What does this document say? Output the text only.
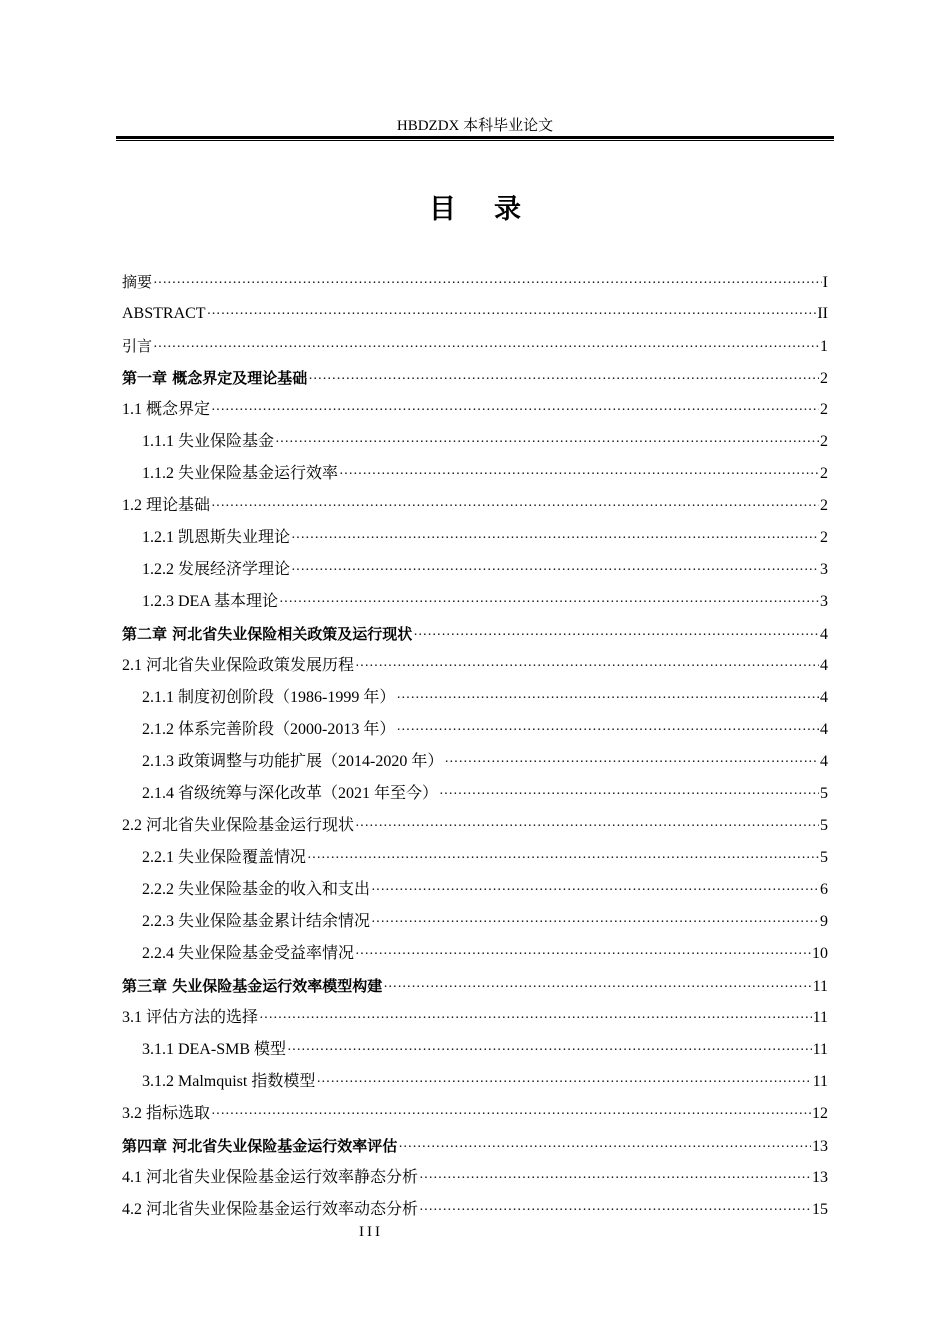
HBDZDX 本科毕业论文
目 录
摘要 ·····	I
ABSTRACT ·····	II
引言 ·····	1
第一章 概念界定及理论基础 ·····	2
1.1 概念界定 ·····	2
1.1.1 失业保险基金 ·····	2
1.1.2 失业保险基金运行效率 ·····	2
1.2 理论基础 ·····	2
1.2.1 凯恩斯失业理论 ·····	2
1.2.2 发展经济学理论 ·····	3
1.2.3 DEA 基本理论 ·····	3
第二章 河北省失业保险相关政策及运行现状 ·····	4
2.1 河北省失业保险政策发展历程 ·····	4
2.1.1 制度初创阶段（1986-1999 年） ·····	4
2.1.2 体系完善阶段（2000-2013 年） ·····	4
2.1.3 政策调整与功能扩展（2014-2020 年） ·····	4
2.1.4 省级统筹与深化改革（2021 年至今） ·····	5
2.2 河北省失业保险基金运行现状 ·····	5
2.2.1 失业保险覆盖情况 ·····	5
2.2.2 失业保险基金的收入和支出 ·····	6
2.2.3 失业保险基金累计结余情况 ·····	9
2.2.4 失业保险基金受益率情况 ·····	10
第三章 失业保险基金运行效率模型构建 ·····	11
3.1 评估方法的选择 ·····	11
3.1.1 DEA-SMB 模型 ·····	11
3.1.2 Malmquist 指数模型 ·····	11
3.2 指标选取 ·····	12
第四章 河北省失业保险基金运行效率评估 ·····	13
4.1 河北省失业保险基金运行效率静态分析 ·····	13
4.2 河北省失业保险基金运行效率动态分析 ·····	15
III
